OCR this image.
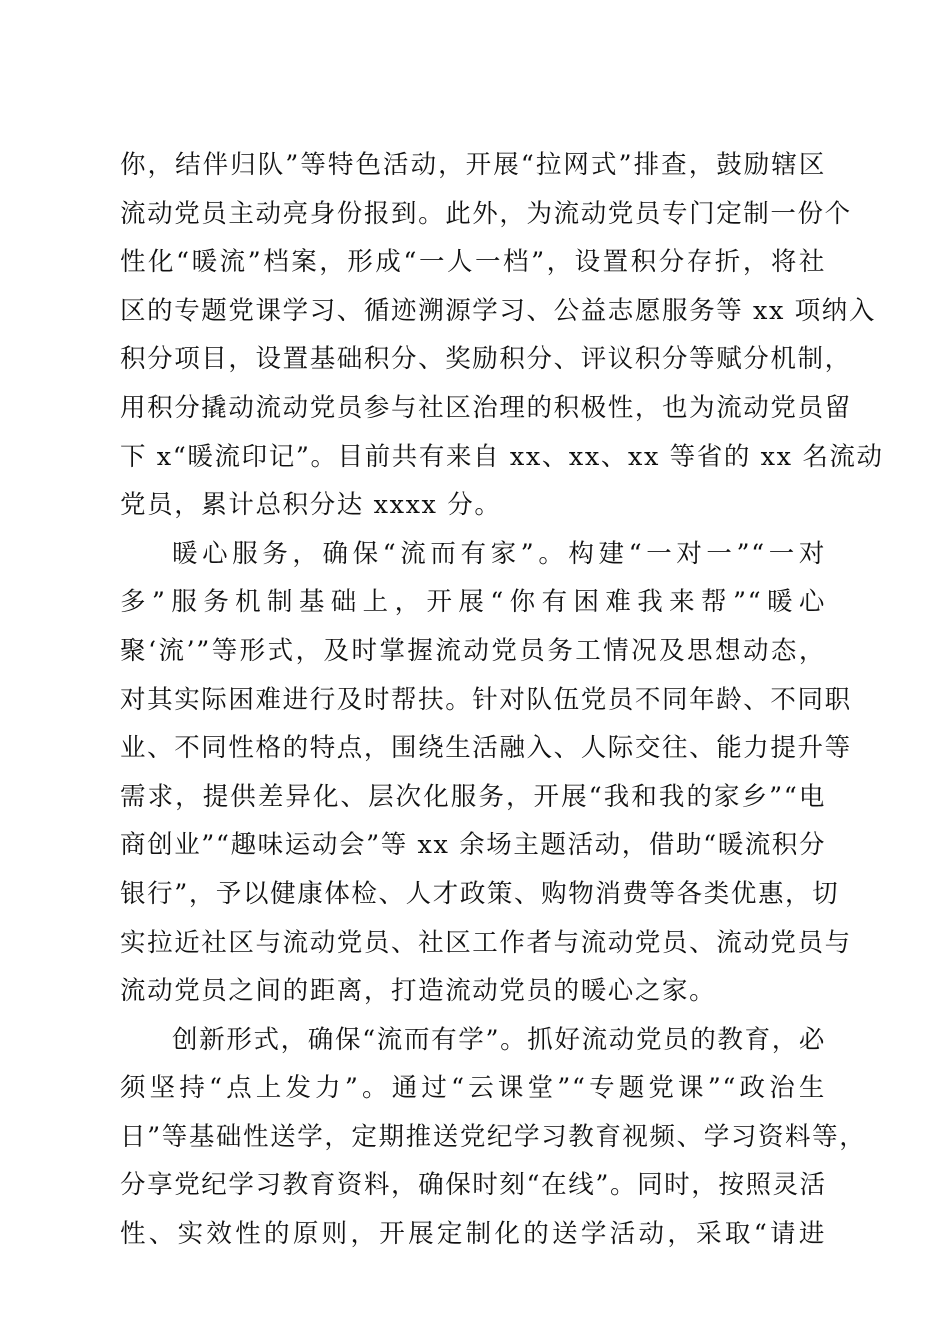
你，结伴归队”等特色活动，开展“拉网式”排查，鼓励辖区
流动党员主动亮身份报到。此外，为流动党员专门定制一份个
性化“暖流”档案，形成“一人一档”，设置积分存折，将社
区的专题党课学习、循迹溯源学习、公益志愿服务等 xx 项纳入
积分项目，设置基础积分、奖励积分、评议积分等赋分机制，
用积分撬动流动党员参与社区治理的积极性，也为流动党员留
下 x“暖流印记”。目前共有来自 xx、xx、xx 等省的 xx 名流动
党员，累计总积分达 xxxx 分。
暖心服务，确保“流而有家”。构建“一对一”“一对
多”服务机制基础上，开展“你有困难我来帮”“暖心
聚‘流’”等形式，及时掌握流动党员务工情况及思想动态，
对其实际困难进行及时帮扶。针对队伍党员不同年龄、不同职
业、不同性格的特点，围绕生活融入、人际交往、能力提升等
需求，提供差异化、层次化服务，开展“我和我的家乡”“电
商创业”“趣味运动会”等 xx 余场主题活动，借助“暖流积分
银行”，予以健康体检、人才政策、购物消费等各类优惠，切
实拉近社区与流动党员、社区工作者与流动党员、流动党员与
流动党员之间的距离，打造流动党员的暖心之家。
创新形式，确保“流而有学”。抓好流动党员的教育，必
须坚持“点上发力”。通过“云课堂”“专题党课”“政治生
日”等基础性送学，定期推送党纪学习教育视频、学习资料等，
分享党纪学习教育资料，确保时刻“在线”。同时，按照灵活
性、实效性的原则，开展定制化的送学活动，采取“请进
